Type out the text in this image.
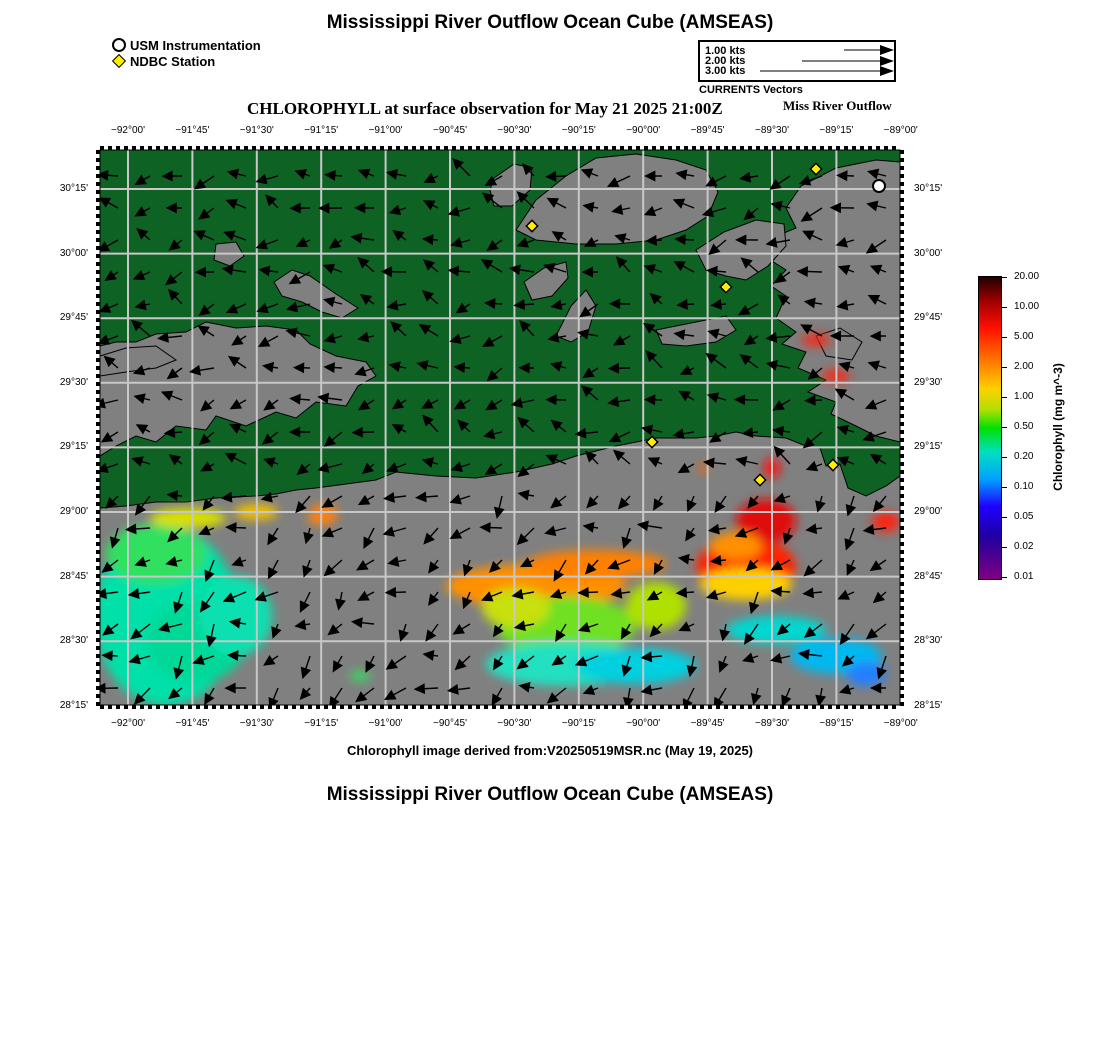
Mississippi River Outflow Ocean Cube (AMSEAS)
USM Instrumentation
NDBC Station
1.00 kts
2.00 kts
3.00 kts
CURRENTS Vectors
CHLOROPHYLL at surface observation for May 21 2025 21:00Z	Miss River Outflow
−92°00'	−91°45'	−91°30'	−91°15'	−91°00'	−90°45'	−90°30'	−90°15'	−90°00'	−89°45'	−89°30'	−89°15'	−89°00'
−92°00'	−91°45'	−91°30'	−91°15'	−91°00'	−90°45'	−90°30'	−90°15'	−90°00'	−89°45'	−89°30'	−89°15'	−89°00'
30°15'
30°00'
29°45'
29°30'
29°15'
29°00'
28°45'
28°30'
28°15'
30°15'
30°00'
29°45'
29°30'
29°15'
29°00'
28°45'
28°30'
28°15'
20.00
10.00
5.00
2.00
1.00
0.50
0.20
0.10
0.05
0.02
0.01
Chlorophyll (mg m^-3)
Chlorophyll image derived from:V20250519MSR.nc (May 19, 2025)
Mississippi River Outflow Ocean Cube (AMSEAS)
